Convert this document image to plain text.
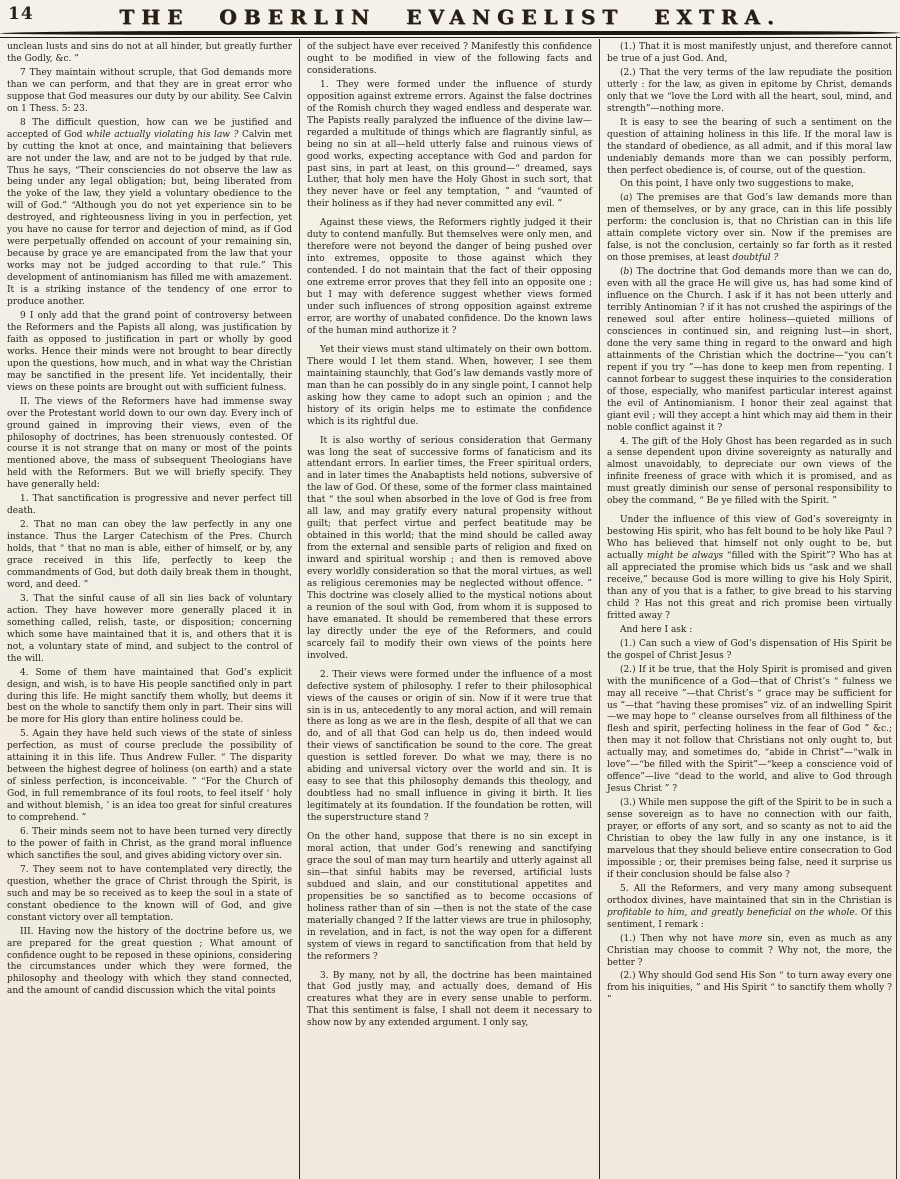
14	THE OBERLIN EVANGELIST EXTRA.

unclean lusts and sins do not at all hinder, but greatly further the Godly, &c. ”

7 They maintain without scruple, that God demands more than we can perform, and that they are in great error who suppose that God measures our duty by our ability. See Calvin on 1 Thess. 5: 23.

8 The difficult question, how can we be justified and accepted of God while actually violating his law ? Calvin met by cutting the knot at once, and maintaining that believers are not under the law, and are not to be judged by that rule. Thus he says, “Their consciencies do not observe the law as being under any legal obligation; but, being liberated from the yoke of the law, they yield a voluntary obedience to the will of God.” “Although you do not yet experience sin to be destroyed, and righteousness living in you in perfection, yet you have no cause for terror and dejection of mind, as if God were perpetually offended on account of your remaining sin, because by grace ye are emancipated from the law that your works may not be judged according to that rule.” This development of antinomianism has filled me with amazement. It is a striking instance of the tendency of one error to produce another.

9 I only add that the grand point of controversy between the Reformers and the Papists all along, was justification by faith as opposed to justification in part or wholly by good works. Hence their minds were not brought to bear directly upon the questions, how much, and in what way the Christian may be sanctified in the present life. Yet incidentally, their views on these points are brought out with sufficient fulness.

II. The views of the Reformers have had immense sway over the Protestant world down to our own day. Every inch of ground gained in improving their views, even of the philosophy of doctrines, has been strenuously contested. Of course it is not strange that on many or most of the points mentioned above, the mass of subsequent Theologians have held with the Reformers. But we will briefly specify. They have generally held:

1. That sanctification is progressive and never perfect till death.

2. That no man can obey the law perfectly in any one instance. Thus the Larger Catechism of the Pres. Church holds, that “ that no man is able, either of himself, or by, any grace received in this life, perfectly to keep the commandments of God, but doth daily break them in thought, word, and deed. ”

3. That the sinful cause of all sin lies back of voluntary action. They have however more generally placed it in something called, relish, taste, or disposition; concerning which some have maintained that it is, and others that it is not, a voluntary state of mind, and subject to the control of the will.

4. Some of them have maintained that God’s explicit design, and wish, is to have His people sanctified only in part during this life. He might sanctify them wholly, but deems it best on the whole to sanctify them only in part. Their sins will be more for His glory than entire holiness could be.

5. Again they have held such views of the state of sinless perfection, as must of course preclude the possibility of attaining it in this life. Thus Andrew Fuller. “ The disparity between the highest degree of holiness (on earth) and a state of sinless perfection, is inconceivable. ” “For the Church of God, in full remembrance of its foul roots, to feel itself ‘ holy and without blemish, ’ is an idea too great for sinful creatures to comprehend. ”

6. Their minds seem not to have been turned very directly to the power of faith in Christ, as the grand moral influence which sanctifies the soul, and gives abiding victory over sin.

7. They seem not to have contemplated very directly, the question, whether the grace of Christ through the Spirit, is such and may be so received as to keep the soul in a state of constant obedience to the known will of God, and give constant victory over all temptation.

III. Having now the history of the doctrine before us, we are prepared for the great question ; What amount of confidence ought to be reposed in these opinions, considering the circumstances under which they were formed, the philosophy and theology with which they stand connected, and the amount of candid discussion which the vital points

of the subject have ever received ? Manifestly this confidence ought to be modified in view of the following facts and considerations.

1. They were formed under the influence of sturdy opposition against extreme errors. Against the false doctrines of the Romish church they waged endless and desperate war. The Papists really paralyzed the influence of the divine law—regarded a multitude of things which are flagrantly sinful, as being no sin at all—held utterly false and ruinous views of good works, expecting acceptance with God and pardon for past sins, in part at least, on this ground—“ dreamed, says Luther, that holy men have the Holy Ghost in such sort, that they never have or feel any temptation, ” and “vaunted of their holiness as if they had never committed any evil. ”

Against these views, the Reformers rightly judged it their duty to contend manfully. But themselves were only men, and therefore were not beyond the danger of being pushed over into extremes, opposite to those against which they contended. I do not maintain that the fact of their opposing one extreme error proves that they fell into an opposite one ; but I may with deference suggest whether views formed under such influences of strong opposition against extreme error, are worthy of unabated confidence. Do the known laws of the human mind authorize it ?

Yet their views must stand ultimately on their own bottom. There would I let them stand. When, however, I see them maintaining staunchly, that God’s law demands vastly more of man than he can possibly do in any single point, I cannot help asking how they came to adopt such an opinion ; and the history of its origin helps me to estimate the confidence which is its rightful due.

It is also worthy of serious consideration that Germany was long the seat of successive forms of fanaticism and its attendant errors. In earlier times, the Freer spiritual orders, and in later times the Anabaptists held notions, subversive of the law of God. Of these, some of the former class maintained that “ the soul when absorbed in the love of God is free from all law, and may gratify every natural propensity without guilt; that perfect virtue and perfect beatitude may be obtained in this world; that the mind should be called away from the external and sensible parts of religion and fixed on inward and spiritual worship ; and then is removed above every worldly consideration so that the moral virtues, as well as religious ceremonies may be neglected without offence. ” This doctrine was closely allied to the mystical notions about a reunion of the soul with God, from whom it is supposed to have emanated. It should be remembered that these errors lay directly under the eye of the Reformers, and could scarcely fail to modify their own views of the points here involved.

2. Their views were formed under the influence of a most defective system of philosophy. I refer to their philosophical views of the causes or origin of sin. Now if it were true that sin is in us, antecedently to any moral action, and will remain there as long as we are in the flesh, despite of all that we can do, and of all that God can help us do, then indeed would their views of sanctification be sound to the core. The great question is settled forever. Do what we may, there is no abiding and universal victory over the world and sin. It is easy to see that this philosophy demands this theology, and doubtless had no small influence in giving it birth. It lies legitimately at its foundation. If the foundation be rotten, will the superstructure stand ?

On the other hand, suppose that there is no sin except in moral action, that under God’s renewing and sanctifying grace the soul of man may turn heartily and utterly against all sin—that sinful habits may be reversed, artificial lusts subdued and slain, and our constitutional appetites and propensities be so sanctified as to become occasions of holiness rather than of sin —then is not the state of the case materially changed ? If the latter views are true in philosophy, in revelation, and in fact, is not the way open for a different system of views in regard to sanctification from that held by the reformers ?

3. By many, not by all, the doctrine has been maintained that God justly may, and actually does, demand of His creatures what they are in every sense unable to perform. That this sentiment is false, I shall not deem it necessary to show now by any extended argument. I only say,

(1.) That it is most manifestly unjust, and therefore cannot be true of a just God. And,

(2.) That the very terms of the law repudiate the position utterly : for the law, as given in epitome by Christ, demands only that we “love the Lord with all the heart, soul, mind, and strength”—nothing more.

It is easy to see the bearing of such a sentiment on the question of attaining holiness in this life. If the moral law is the standard of obedience, as all admit, and if this moral law undeniably demands more than we can possibly perform, then perfect obedience is, of course, out of the question.

On this point, I have only two suggestions to make,

(a) The premises are that God’s law demands more than men of themselves, or by any grace, can in this life possibly perform: the conclusion is, that no Christian can in this life attain complete victory over sin. Now if the premises are false, is not the conclusion, certainly so far forth as it rested on those premises, at least doubtful ?

(b) The doctrine that God demands more than we can do, even with all the grace He will give us, has had some kind of influence on the Church. I ask if it has not been utterly and terribly Antinomian ? if it has not crushed the aspirings of the renewed soul after entire holiness—quieted millions of consciences in continued sin, and reigning lust—in short, done the very same thing in regard to the onward and high attainments of the Christian which the doctrine—“you can’t repent if you try ”—has done to keep men from repenting. I cannot forbear to suggest these inquiries to the consideration of those, especially, who manifest particular interest against the evil of Antinomianism. I honor their zeal against that giant evil ; will they accept a hint which may aid them in their noble conflict against it ?

4. The gift of the Holy Ghost has been regarded as in such a sense dependent upon divine sovereignty as naturally and almost unavoidably, to depreciate our own views of the infinite freeness of grace with which it is promised, and as must greatly diminish our sense of personal responsibility to obey the command, “ Be ye filled with the Spirit. ”

Under the influence of this view of God’s sovereignty in bestowing His spirit, who has felt bound to be holy like Paul ? Who has believed that himself not only ought to be, but actually might be always “filled with the Spirit”? Who has at all appreciated the promise which bids us “ask and we shall receive,” because God is more willing to give his Holy Spirit, than any of you that is a father, to give bread to his starving child ? Has not this great and rich promise been virtually fritted away ?

And here I ask :

(1.) Can such a view of God’s dispensation of His Spirit be the gospel of Christ Jesus ?

(2.) If it be true, that the Holy Spirit is promised and given with the munificence of a God—that of Christ’s “ fulness we may all receive ”—that Christ’s “ grace may be sufficient for us ”—that “having these promises” viz. of an indwelling Spirit—we may hope to “ cleanse ourselves from all filthiness of the flesh and spirit, perfecting holiness in the fear of God ” &c.; then may it not follow that Christians not only ought to, but actually may, and sometimes do, “abide in Christ”—“walk in love”—“be filled with the Spirit”—“keep a conscience void of offence”—live “dead to the world, and alive to God through Jesus Christ ” ?

(3.) While men suppose the gift of the Spirit to be in such a sense sovereign as to have no connection with our faith, prayer, or efforts of any sort, and so scanty as not to aid the Christian to obey the law fully in any one instance, is it marvelous that they should believe entire consecration to God impossible ; or, their premises being false, need it surprise us if their conclusion should be false also ?

5. All the Reformers, and very many among subsequent orthodox divines, have maintained that sin in the Christian is profitable to him, and greatly beneficial on the whole. Of this sentiment, I remark :

(1.) Then why not have more sin, even as much as any Christian may choose to commit ? Why not, the more, the better ?

(2.) Why should God send His Son “ to turn away every one from his iniquities, ” and His Spirit “ to sanctify them wholly ? ”
